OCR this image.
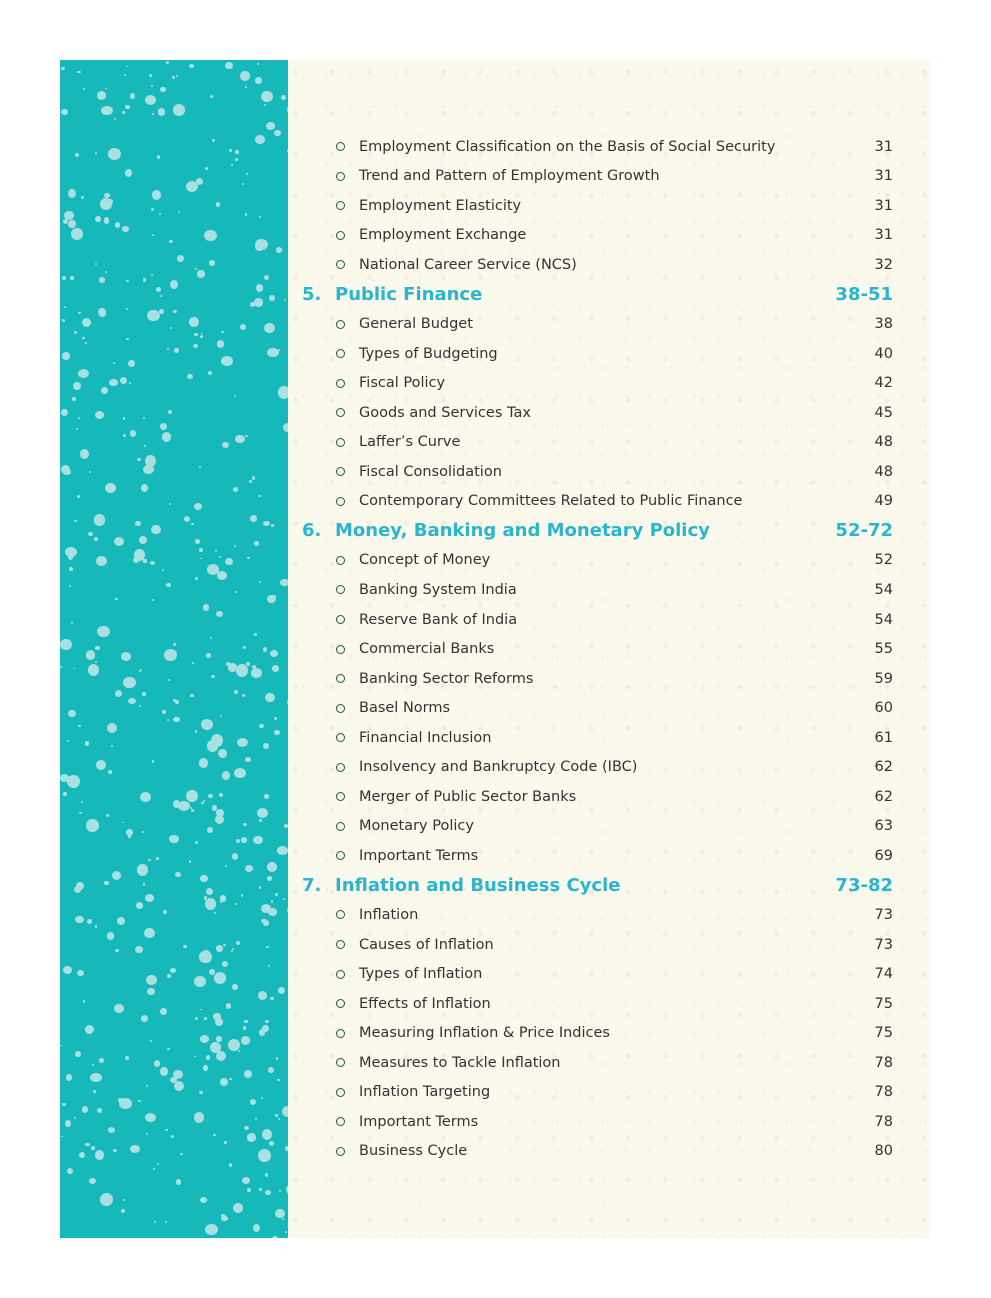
Employment Classification on the Basis of Social Security	31
Trend and Pattern of Employment Growth	31
Employment Elasticity	31
Employment Exchange	31
National Career Service (NCS)	32
5. Public Finance	38-51
General Budget	38
Types of Budgeting	40
Fiscal Policy	42
Goods and Services Tax	45
Laffer’s Curve	48
Fiscal Consolidation	48
Contemporary Committees Related to Public Finance	49
6. Money, Banking and Monetary Policy	52-72
Concept of Money	52
Banking System India	54
Reserve Bank of India	54
Commercial Banks	55
Banking Sector Reforms	59
Basel Norms	60
Financial Inclusion	61
Insolvency and Bankruptcy Code (IBC)	62
Merger of Public Sector Banks	62
Monetary Policy	63
Important Terms	69
7. Inflation and Business Cycle	73-82
Inflation	73
Causes of Inflation	73
Types of Inflation	74
Effects of Inflation	75
Measuring Inflation & Price Indices	75
Measures to Tackle Inflation	78
Inflation Targeting	78
Important Terms	78
Business Cycle	80
